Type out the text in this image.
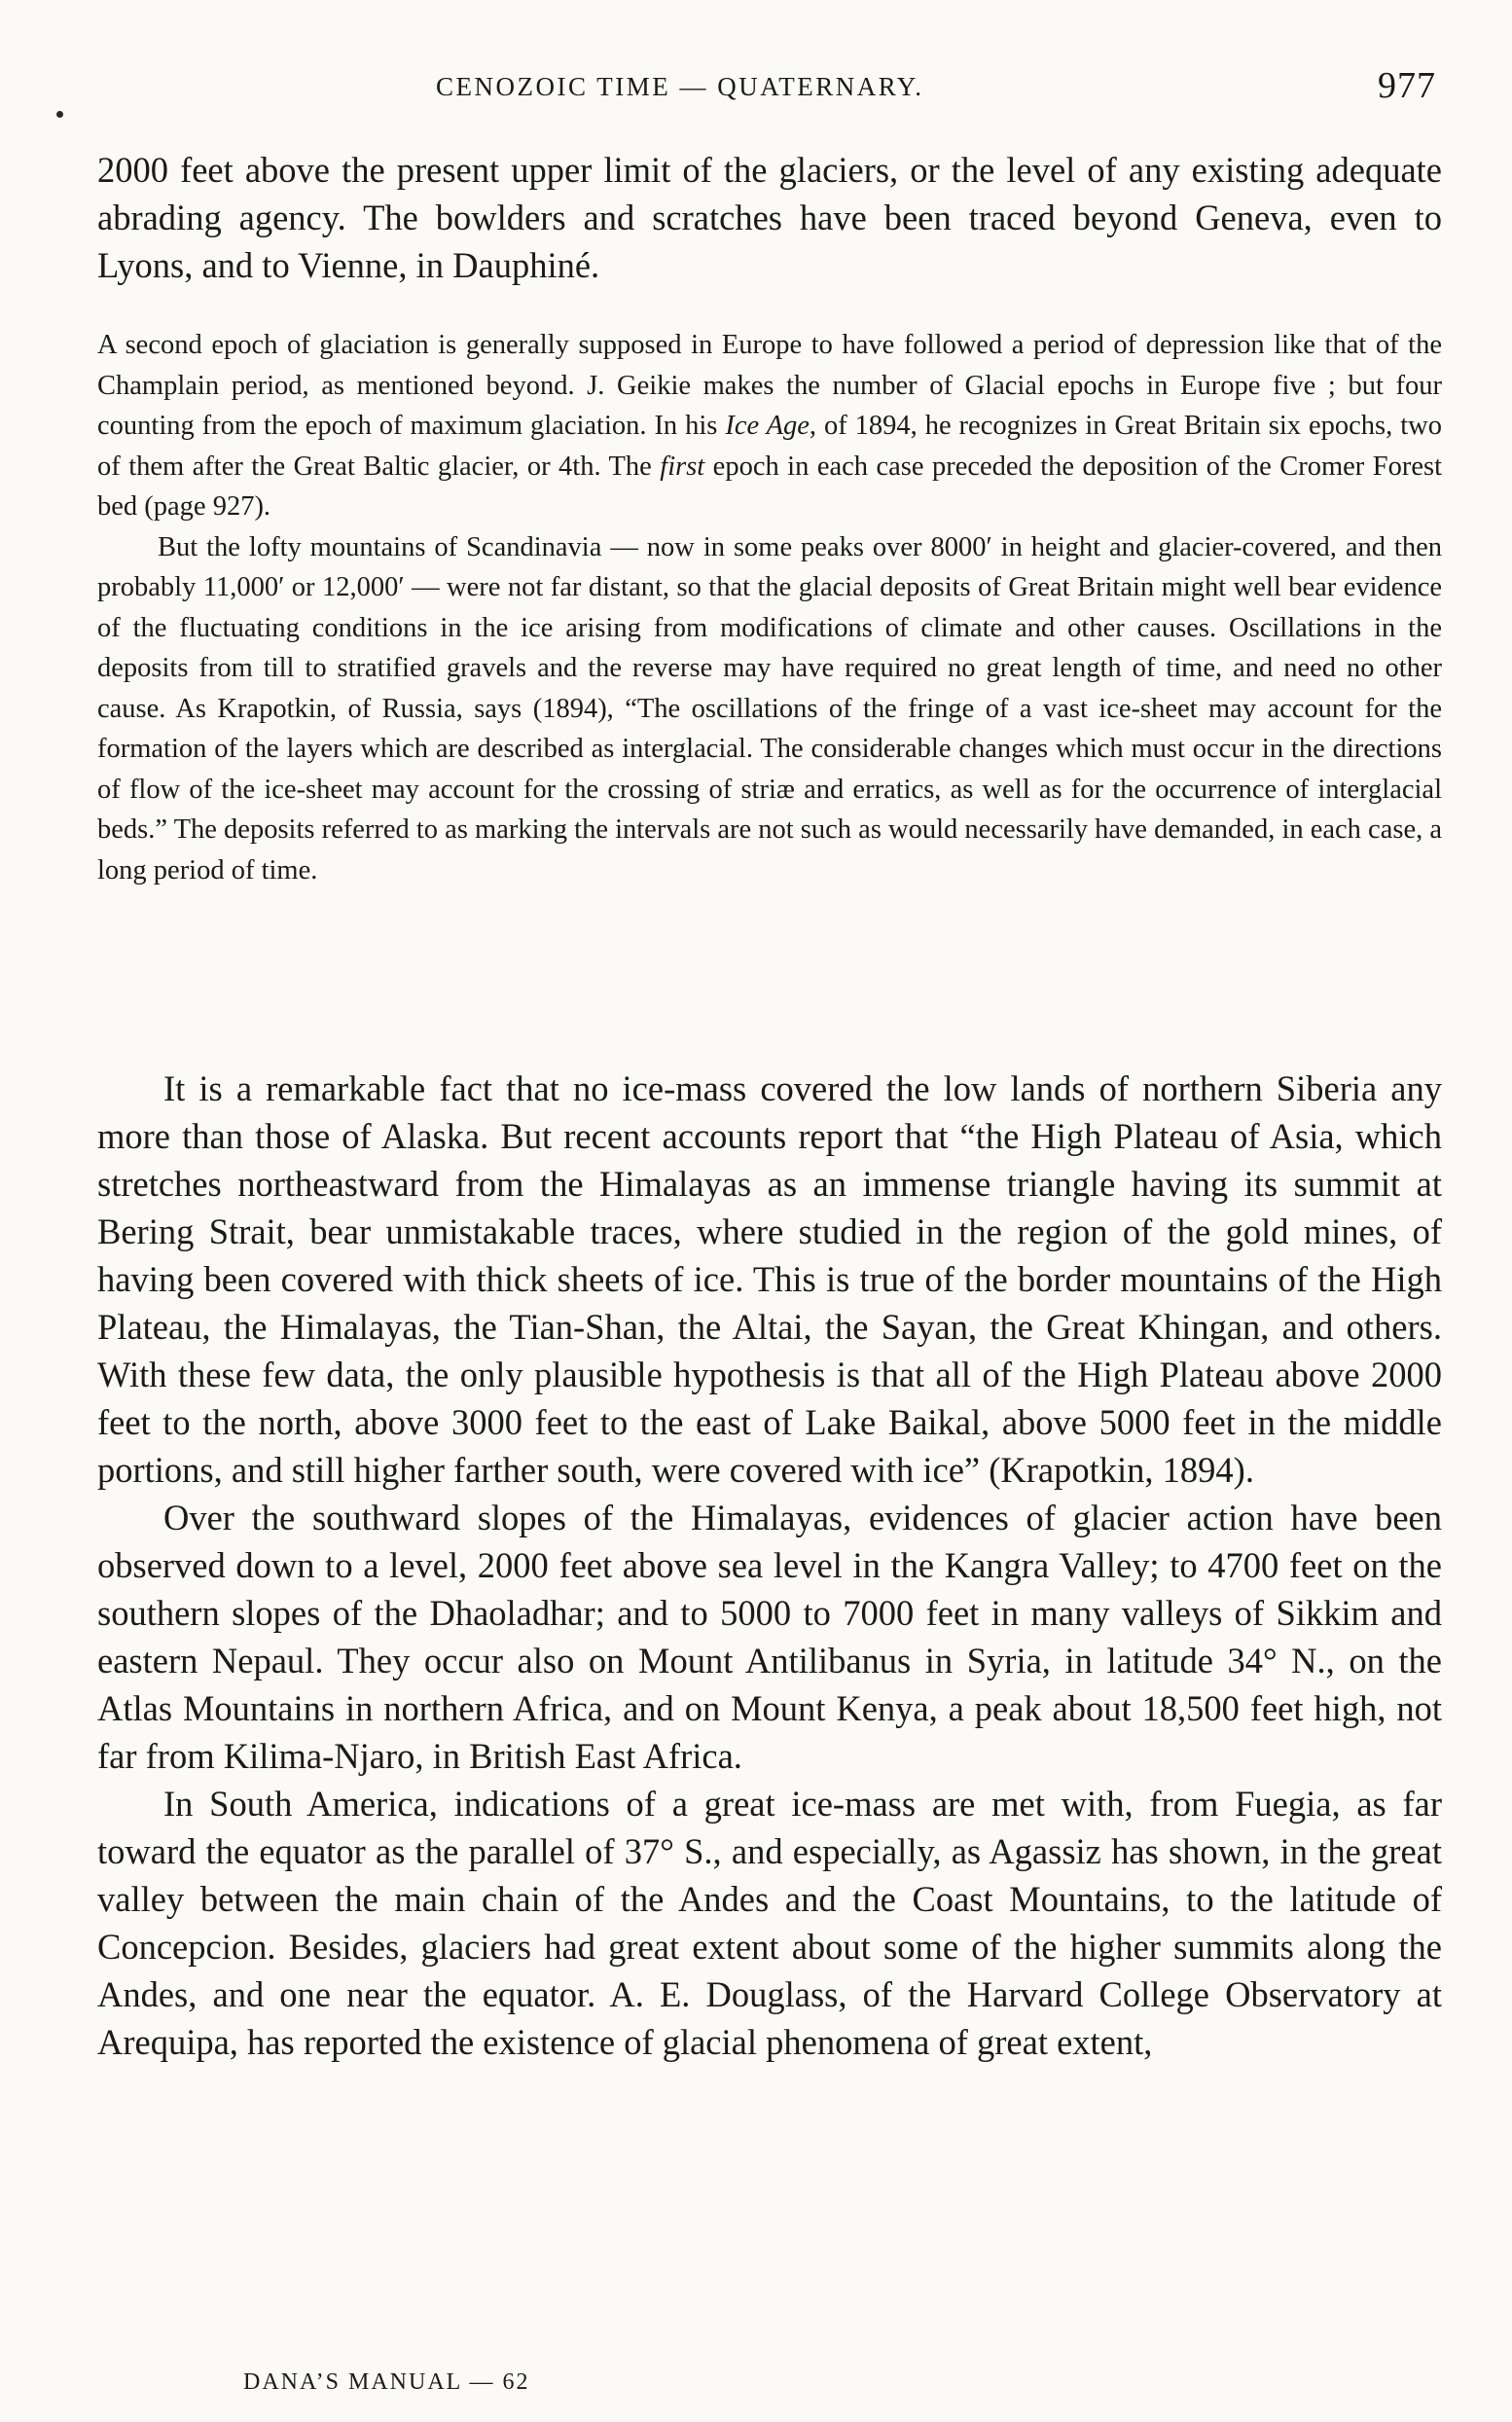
CENOZOIC TIME — QUATERNARY.	977

2000 feet above the present upper limit of the glaciers, or the level of any existing adequate abrading agency. The bowlders and scratches have been traced beyond Geneva, even to Lyons, and to Vienne, in Dauphiné.

A second epoch of glaciation is generally supposed in Europe to have followed a period of depression like that of the Champlain period, as mentioned beyond. J. Geikie makes the number of Glacial epochs in Europe five ; but four counting from the epoch of maximum glaciation. In his Ice Age, of 1894, he recognizes in Great Britain six epochs, two of them after the Great Baltic glacier, or 4th. The first epoch in each case preceded the deposition of the Cromer Forest bed (page 927).

But the lofty mountains of Scandinavia — now in some peaks over 8000′ in height and glacier-covered, and then probably 11,000′ or 12,000′ — were not far distant, so that the glacial deposits of Great Britain might well bear evidence of the fluctuating conditions in the ice arising from modifications of climate and other causes. Oscillations in the deposits from till to stratified gravels and the reverse may have required no great length of time, and need no other cause. As Krapotkin, of Russia, says (1894), “The oscillations of the fringe of a vast ice-sheet may account for the formation of the layers which are described as interglacial. The considerable changes which must occur in the directions of flow of the ice-sheet may account for the crossing of striæ and erratics, as well as for the occurrence of interglacial beds.” The deposits referred to as marking the intervals are not such as would necessarily have demanded, in each case, a long period of time.

It is a remarkable fact that no ice-mass covered the low lands of northern Siberia any more than those of Alaska. But recent accounts report that “the High Plateau of Asia, which stretches northeastward from the Himalayas as an immense triangle having its summit at Bering Strait, bear unmistakable traces, where studied in the region of the gold mines, of having been covered with thick sheets of ice. This is true of the border mountains of the High Plateau, the Himalayas, the Tian-Shan, the Altai, the Sayan, the Great Khingan, and others. With these few data, the only plausible hypothesis is that all of the High Plateau above 2000 feet to the north, above 3000 feet to the east of Lake Baikal, above 5000 feet in the middle portions, and still higher farther south, were covered with ice” (Krapotkin, 1894).

Over the southward slopes of the Himalayas, evidences of glacier action have been observed down to a level, 2000 feet above sea level in the Kangra Valley; to 4700 feet on the southern slopes of the Dhaoladhar; and to 5000 to 7000 feet in many valleys of Sikkim and eastern Nepaul. They occur also on Mount Antilibanus in Syria, in latitude 34° N., on the Atlas Mountains in northern Africa, and on Mount Kenya, a peak about 18,500 feet high, not far from Kilima-Njaro, in British East Africa.

In South America, indications of a great ice-mass are met with, from Fuegia, as far toward the equator as the parallel of 37° S., and especially, as Agassiz has shown, in the great valley between the main chain of the Andes and the Coast Mountains, to the latitude of Concepcion. Besides, glaciers had great extent about some of the higher summits along the Andes, and one near the equator. A. E. Douglass, of the Harvard College Observatory at Arequipa, has reported the existence of glacial phenomena of great extent,

DANA’S MANUAL — 62
